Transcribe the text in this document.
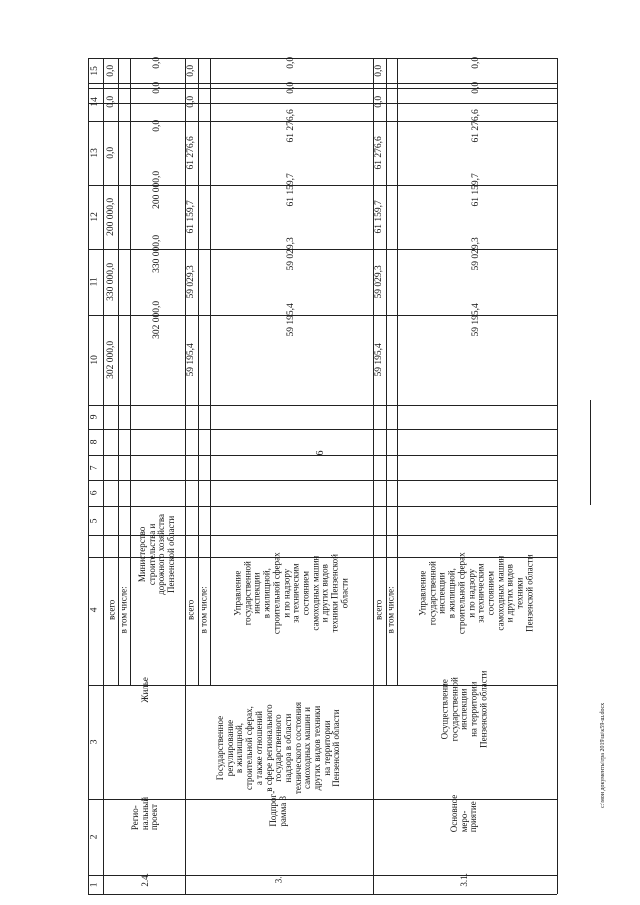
6
c:\мои документы\rpa 2019\ш\к59-ш.docx
1
2
3
4
5
6
7
8
9
10
11
12
13
14
15
2.4.
Регио-
нальный
проект
Жилье
всего
302 000,0
330 000,0
200 000,0
0,0
0,0
0,0
в том числе:
Министерство
строительства и
дорожного хозяйства
Пензенской области
302 000,0
330 000,0
200 000,0
0,0
0,0
0,0
3.
Подпрог-
рамма 3
Государственное
регулирование
в жилищной,
строительной сферах,
а также отношений
в сфере регионального
государственного
надзора в области
технического состояния
самоходных машин и
других видов техники
на территории
Пензенской области
всего
59 195,4
59 029,3
61 159,7
61 276,6
0,0
0,0
в том числе:	Управление
государственной
инспекции
в жилищной,
строительной сферах
и по надзору
за техническим
состоянием
самоходных машин
и других видов
техники Пензенской
области
59 195,4
59 029,3
61 159,7
61 276,6
0,0
0,0
3.1.
Основное
меро-
приятие
Осуществление
государственной
инспекции
на территории
Пензенской области
всего
59 195,4
59 029,3
61 159,7
61 276,6
0,0
0,0
в том числе: Управление
государственной
инспекции
в жилищной,
строительной сферах
и по надзору
за техническим
состоянием
самоходных машин
и других видов
техники
Пензенской области
59 195,4
59 029,3
61 159,7
61 276,6
0,0
0,0
